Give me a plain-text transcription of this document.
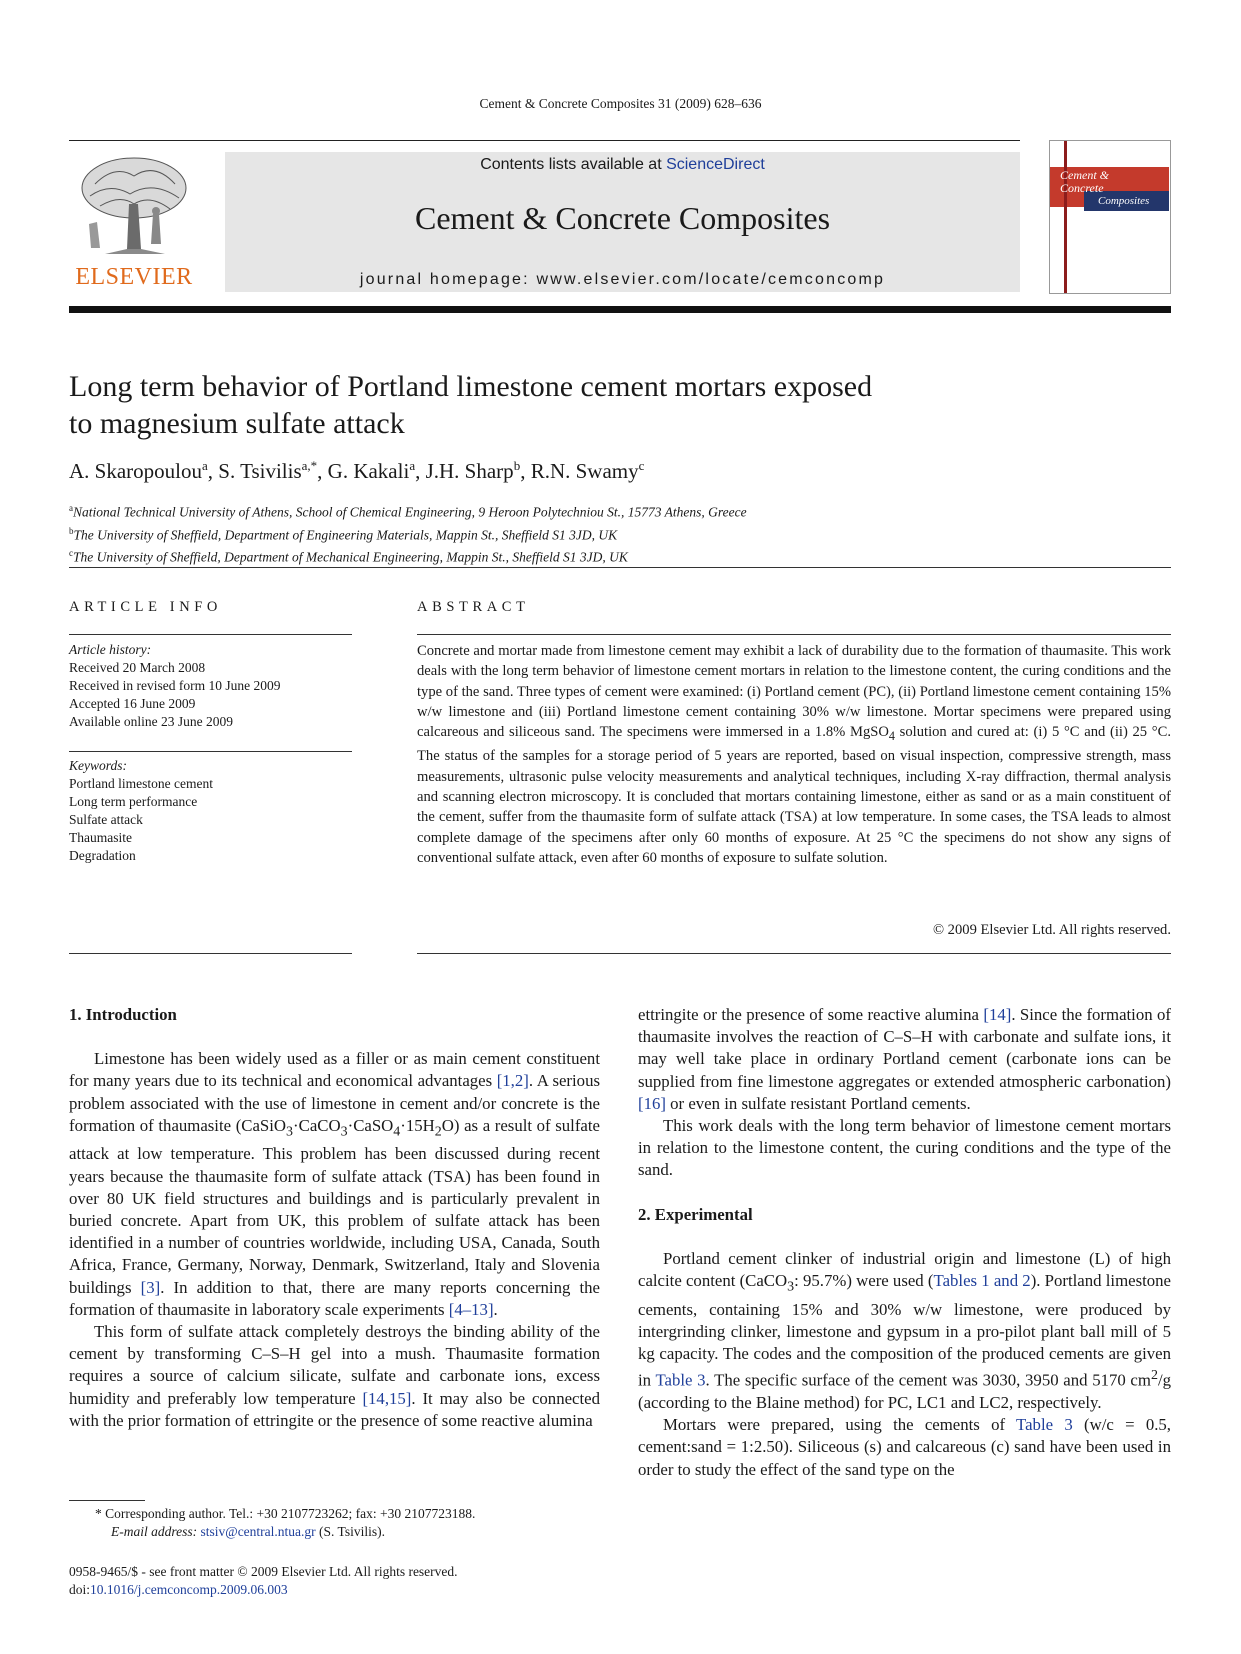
Cement & Concrete Composites 31 (2009) 628–636
ELSEVIER
Contents lists available at ScienceDirect
Cement & Concrete Composites
journal homepage: www.elsevier.com/locate/cemconcomp
Cement &
Concrete
Composites
Long term behavior of Portland limestone cement mortars exposed
to magnesium sulfate attack
A. Skaropoulou$^a$, S. Tsivilis$^{a,*}$, G. Kakali$^a$, J.H. Sharp$^b$, R.N. Swamy$^c$
$^a$National Technical University of Athens, School of Chemical Engineering, 9 Heroon Polytechniou St., 15773 Athens, Greece
$^b$The University of Sheffield, Department of Engineering Materials, Mappin St., Sheffield S1 3JD, UK
$^c$The University of Sheffield, Department of Mechanical Engineering, Mappin St., Sheffield S1 3JD, UK
ARTICLE INFO	ABSTRACT
Article history:
Received 20 March 2008
Received in revised form 10 June 2009
Accepted 16 June 2009
Available online 23 June 2009
Keywords:
Portland limestone cement
Long term performance
Sulfate attack
Thaumasite
Degradation
Concrete and mortar made from limestone cement may exhibit a lack of durability due to the formation of thaumasite. This work deals with the long term behavior of limestone cement mortars in relation to the limestone content, the curing conditions and the type of the sand. Three types of cement were examined: (i) Portland cement (PC), (ii) Portland limestone cement containing 15% w/w limestone and (iii) Portland limestone cement containing 30% w/w limestone. Mortar specimens were prepared using calcareous and siliceous sand. The specimens were immersed in a 1.8% MgSO$_4$ solution and cured at: (i) 5 °C and (ii) 25 °C. The status of the samples for a storage period of 5 years are reported, based on visual inspection, compressive strength, mass measurements, ultrasonic pulse velocity measurements and analytical techniques, including X-ray diffraction, thermal analysis and scanning electron microscopy. It is concluded that mortars containing limestone, either as sand or as a main constituent of the cement, suffer from the thaumasite form of sulfate attack (TSA) at low temperature. In some cases, the TSA leads to almost complete damage of the specimens after only 60 months of exposure. At 25 °C the specimens do not show any signs of conventional sulfate attack, even after 60 months of exposure to sulfate solution.
© 2009 Elsevier Ltd. All rights reserved.
1. Introduction

Limestone has been widely used as a filler or as main cement constituent for many years due to its technical and economical advantages [1,2]. A serious problem associated with the use of limestone in cement and/or concrete is the formation of thaumasite $(CaSiO_3\cdot CaCO_3\cdot CaSO_4\cdot 15H_2O)$ as a result of sulfate attack at low temperature. This problem has been discussed during recent years because the thaumasite form of sulfate attack (TSA) has been found in over 80 UK field structures and buildings and is particularly prevalent in buried concrete. Apart from UK, this problem of sulfate attack has been identified in a number of countries worldwide, including USA, Canada, South Africa, France, Germany, Norway, Denmark, Switzerland, Italy and Slovenia buildings [3]. In addition to that, there are many reports concerning the formation of thaumasite in laboratory scale experiments [4–13].

This form of sulfate attack completely destroys the binding ability of the cement by transforming C–S–H gel into a mush. Thaumasite formation requires a source of calcium silicate, sulfate and carbonate ions, excess humidity and preferably low temperature [14,15]. It may also be connected with the prior formation of ettringite or the presence of some reactive alumina

ettringite or the presence of some reactive alumina [14]. Since the formation of thaumasite involves the reaction of C–S–H with carbonate and sulfate ions, it may well take place in ordinary Portland cement (carbonate ions can be supplied from fine limestone aggregates or extended atmospheric carbonation) [16] or even in sulfate resistant Portland cements.

This work deals with the long term behavior of limestone cement mortars in relation to the limestone content, the curing conditions and the type of the sand.

2. Experimental

Portland cement clinker of industrial origin and limestone (L) of high calcite content (CaCO$_3$: 95.7%) were used (Tables 1 and 2). Portland limestone cements, containing 15% and 30% w/w limestone, were produced by intergrinding clinker, limestone and gypsum in a pro-pilot plant ball mill of 5 kg capacity. The codes and the composition of the produced cements are given in Table 3. The specific surface of the cement was 3030, 3950 and 5170 $cm^2/g$ (according to the Blaine method) for PC, LC1 and LC2, respectively.

Mortars were prepared, using the cements of Table 3 (w/c = 0.5, cement:sand = 1:2.50). Siliceous (s) and calcareous (c) sand have been used in order to study the effect of the sand type on the

* Corresponding author. Tel.: +30 2107723262; fax: +30 2107723188.
E-mail address: stsiv@central.ntua.gr (S. Tsivilis).
0958-9465/$ - see front matter © 2009 Elsevier Ltd. All rights reserved.
doi:10.1016/j.cemconcomp.2009.06.003
